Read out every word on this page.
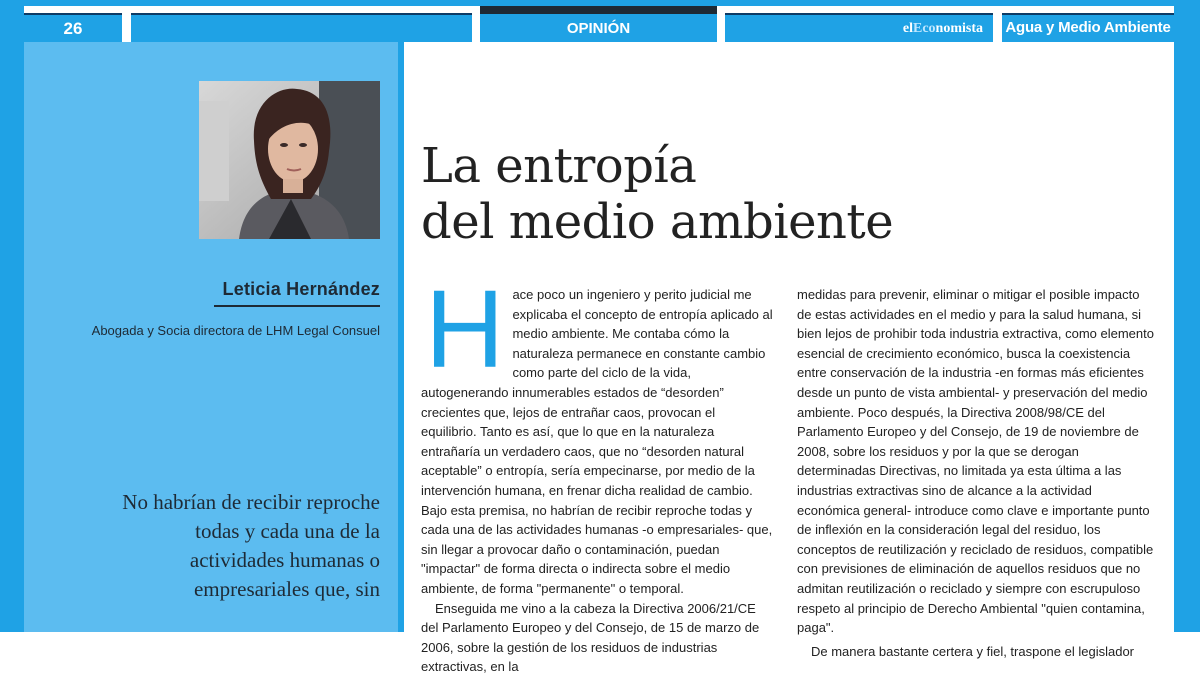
26	OPINIÓN	elEconomista	Agua y Medio Ambiente
Leticia Hernández
Abogada y Socia directora de LHM Legal Consuel
No habrían de recibir reproche todas y cada una de la actividades humanas o empresariales que, sin
La entropía
del medio ambiente

Hace poco un ingeniero y perito judicial me explicaba el concepto de entropía aplicado al medio ambiente. Me contaba cómo la naturaleza permanece en constante cambio como parte del ciclo de la vida, autogenerando innumerables estados de “desorden” crecientes que, lejos de entrañar caos, provocan el equilibrio. Tanto es así, que lo que en la naturaleza entrañaría un verdadero caos, que no “desorden natural aceptable” o entropía, sería empecinarse, por medio de la intervención humana, en frenar dicha realidad de cambio. Bajo esta premisa, no habrían de recibir reproche todas y cada una de las actividades humanas -o empresariales- que, sin llegar a provocar daño o contaminación, puedan "impactar" de forma directa o indirecta sobre el medio ambiente, de forma "permanente" o temporal.

Enseguida me vino a la cabeza la Directiva 2006/21/CE del Parlamento Europeo y del Consejo, de 15 de marzo de 2006, sobre la gestión de los residuos de industrias extractivas, en la

medidas para prevenir, eliminar o mitigar el posible impacto de estas actividades en el medio y para la salud humana, si bien lejos de prohibir toda industria extractiva, como elemento esencial de crecimiento económico, busca la coexistencia entre conservación de la industria -en formas más eficientes desde un punto de vista ambiental- y preservación del medio ambiente. Poco después, la Directiva 2008/98/CE del Parlamento Europeo y del Consejo, de 19 de noviembre de 2008, sobre los residuos y por la que se derogan determinadas Directivas, no limitada ya esta última a las industrias extractivas sino de alcance a la actividad económica general- introduce como clave e importante punto de inflexión en la consideración legal del residuo, los conceptos de reutilización y reciclado de residuos, compatible con previsiones de eliminación de aquellos residuos que no admitan reutilización o reciclado y siempre con escrupuloso respeto al principio de Derecho Ambiental "quien contamina, paga".

De manera bastante certera y fiel, traspone el legislador
